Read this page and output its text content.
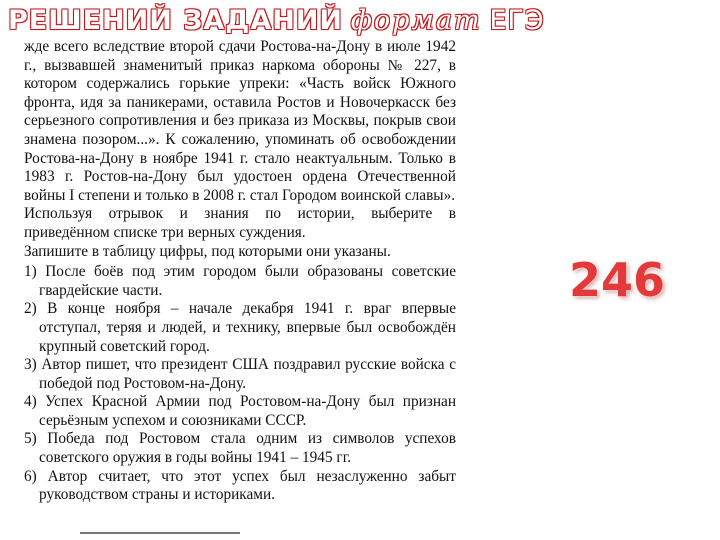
РЕШЕНИЙ ЗАДАНИЙ формат ЕГЭ

жде всего вследствие второй сдачи Ростова-на-Дону в июле 1942 г., вызвавшей знаменитый приказ наркома обороны № 227, в котором содержались горькие упреки: «Часть войск Южного фронта, идя за паникерами, оставила Ростов и Новочеркасск без серьезного сопротивления и без приказа из Москвы, покрыв свои знамена позором...». К сожалению, упоминать об освобождении Ростова-на-Дону в ноябре 1941 г. стало неактуальным. Только в 1983 г. Ростов-на-Дону был удостоен ордена Отечественной войны I степени и только в 2008 г. стал Городом воинской славы».

Используя отрывок и знания по истории, выберите в приведённом списке три верных суждения.

Запишите в таблицу цифры, под которыми они указаны.

1) После боёв под этим городом были образованы советские гвардейские части.
2) В конце ноября – начале декабря 1941 г. враг впервые отступал, теряя и людей, и технику, впервые был освобождён крупный советский город.
3) Автор пишет, что президент США поздравил русские войска с победой под Ростовом-на-Дону.
4) Успех Красной Армии под Ростовом-на-Дону был признан серьёзным успехом и союзниками СССР.
5) Победа под Ростовом стала одним из символов успехов советского оружия в годы войны 1941 – 1945 гг.
6) Автор считает, что этот успех был незаслуженно забыт руководством страны и историками.
246
